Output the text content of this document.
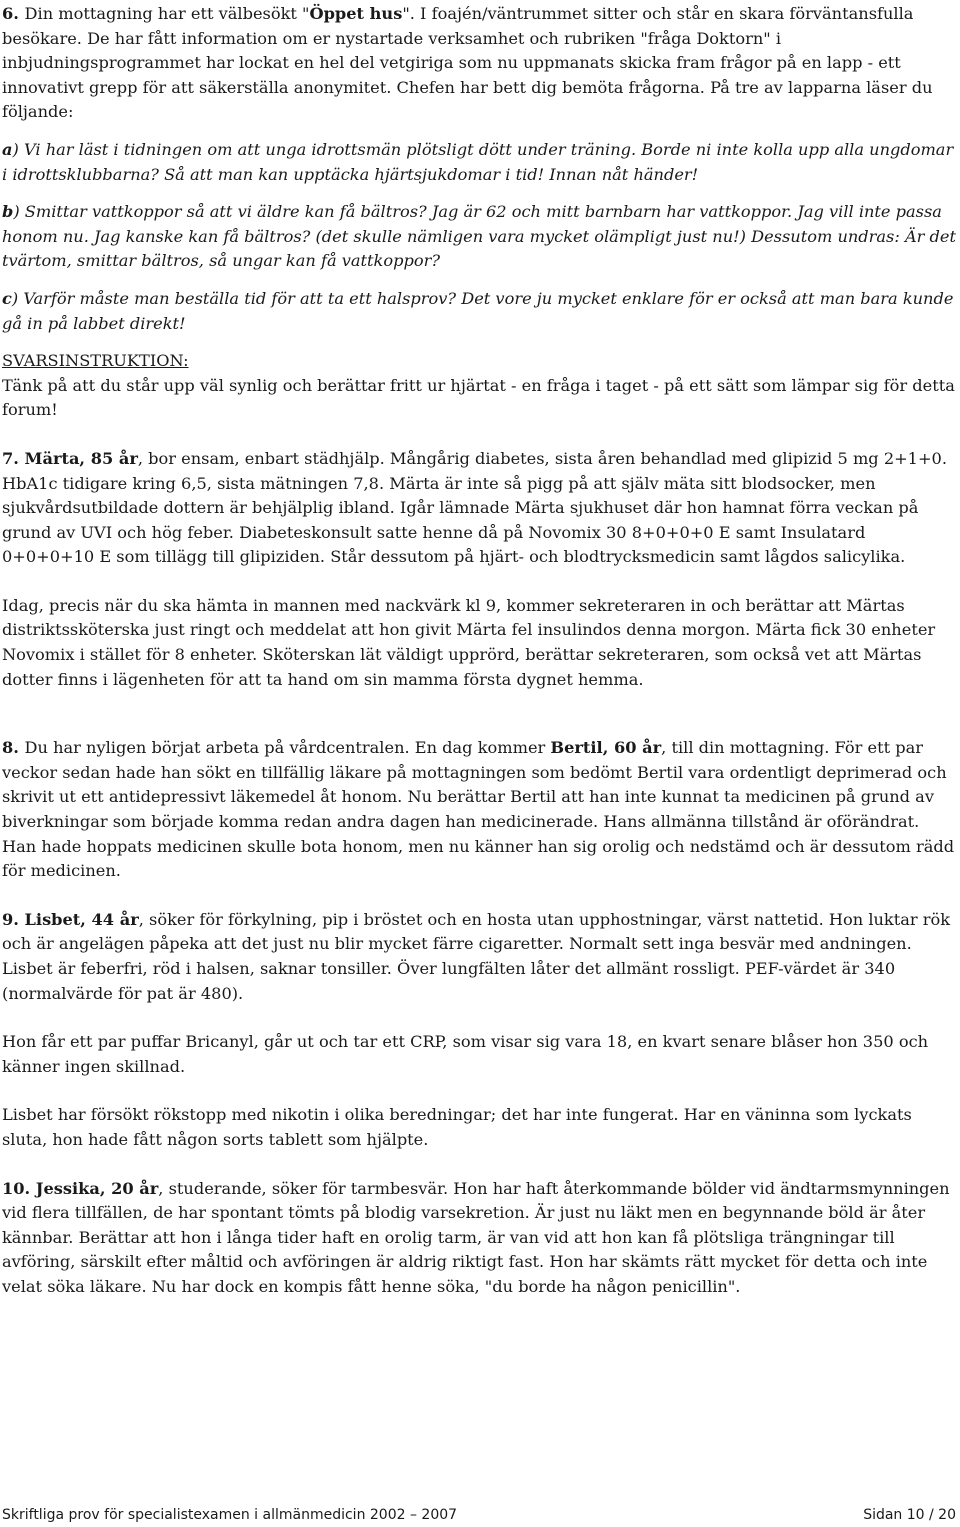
6. Din mottagning har ett välbesökt "Öppet hus". I foajén/väntrummet sitter och står en skara förväntansfulla besökare. De har fått information om er nystartade verksamhet och rubriken "fråga Doktorn" i inbjudningsprogrammet har lockat en hel del vetgiriga som nu uppmanats skicka fram frågor på en lapp - ett innovativt grepp för att säkerställa anonymitet. Chefen har bett dig bemöta frågorna. På tre av lapparna läser du följande:

a) Vi har läst i tidningen om att unga idrottsmän plötsligt dött under träning. Borde ni inte kolla upp alla ungdomar i idrottsklubbarna? Så att man kan upptäcka hjärtsjukdomar i tid! Innan nåt händer!

b) Smittar vattkoppor så att vi äldre kan få bältros? Jag är 62 och mitt barnbarn har vattkoppor. Jag vill inte passa honom nu. Jag kanske kan få bältros? (det skulle nämligen vara mycket olämpligt just nu!) Dessutom undras: Är det tvärtom, smittar bältros, så ungar kan få vattkoppor?

c) Varför måste man beställa tid för att ta ett halsprov? Det vore ju mycket enklare för er också att man bara kunde gå in på labbet direkt!

SVARSINSTRUKTION:

Tänk på att du står upp väl synlig och berättar fritt ur hjärtat - en fråga i taget - på ett sätt som lämpar sig för detta forum!

7. Märta, 85 år, bor ensam, enbart städhjälp. Mångårig diabetes, sista åren behandlad med glipizid 5 mg 2+1+0. HbA1c tidigare kring 6,5, sista mätningen 7,8. Märta är inte så pigg på att själv mäta sitt blodsocker, men sjukvårdsutbildade dottern är behjälplig ibland. Igår lämnade Märta sjukhuset där hon hamnat förra veckan på grund av UVI och hög feber. Diabeteskonsult satte henne då på Novomix 30 8+0+0+0 E samt Insulatard 0+0+0+10 E som tillägg till glipiziden. Står dessutom på hjärt- och blodtrycksmedicin samt lågdos salicylika.

Idag, precis när du ska hämta in mannen med nackvärk kl 9, kommer sekreteraren in och berättar att Märtas distriktssköterska just ringt och meddelat att hon givit Märta fel insulindos denna morgon. Märta fick 30 enheter Novomix i stället för 8 enheter. Sköterskan lät väldigt upprörd, berättar sekreteraren, som också vet att Märtas dotter finns i lägenheten för att ta hand om sin mamma första dygnet hemma.

8. Du har nyligen börjat arbeta på vårdcentralen. En dag kommer Bertil, 60 år, till din mottagning. För ett par veckor sedan hade han sökt en tillfällig läkare på mottagningen som bedömt Bertil vara ordentligt deprimerad och skrivit ut ett antidepressivt läkemedel åt honom. Nu berättar Bertil att han inte kunnat ta medicinen på grund av biverkningar som började komma redan andra dagen han medicinerade. Hans allmänna tillstånd är oförändrat. Han hade hoppats medicinen skulle bota honom, men nu känner han sig orolig och nedstämd och är dessutom rädd för medicinen.

9. Lisbet, 44 år, söker för förkylning, pip i bröstet och en hosta utan upphostningar, värst nattetid. Hon luktar rök och är angelägen påpeka att det just nu blir mycket färre cigaretter. Normalt sett inga besvär med andningen. Lisbet är feberfri, röd i halsen, saknar tonsiller. Över lungfälten låter det allmänt rossligt. PEF-värdet är 340 (normalvärde för pat är 480).

Hon får ett par puffar Bricanyl, går ut och tar ett CRP, som visar sig vara 18, en kvart senare blåser hon 350 och känner ingen skillnad.

Lisbet har försökt rökstopp med nikotin i olika beredningar; det har inte fungerat. Har en väninna som lyckats sluta, hon hade fått någon sorts tablett som hjälpte.

10. Jessika, 20 år, studerande, söker för tarmbesvär. Hon har haft återkommande bölder vid ändtarmsmynningen vid flera tillfällen, de har spontant tömts på blodig varsekretion. Är just nu läkt men en begynnande böld är åter kännbar. Berättar att hon i långa tider haft en orolig tarm, är van vid att hon kan få plötsliga trängningar till avföring, särskilt efter måltid och avföringen är aldrig riktigt fast. Hon har skämts rätt mycket för detta och inte velat söka läkare. Nu har dock en kompis fått henne söka, "du borde ha någon penicillin".

Skriftliga prov för specialistexamen i allmänmedicin 2002 – 2007	Sidan 10 / 20
